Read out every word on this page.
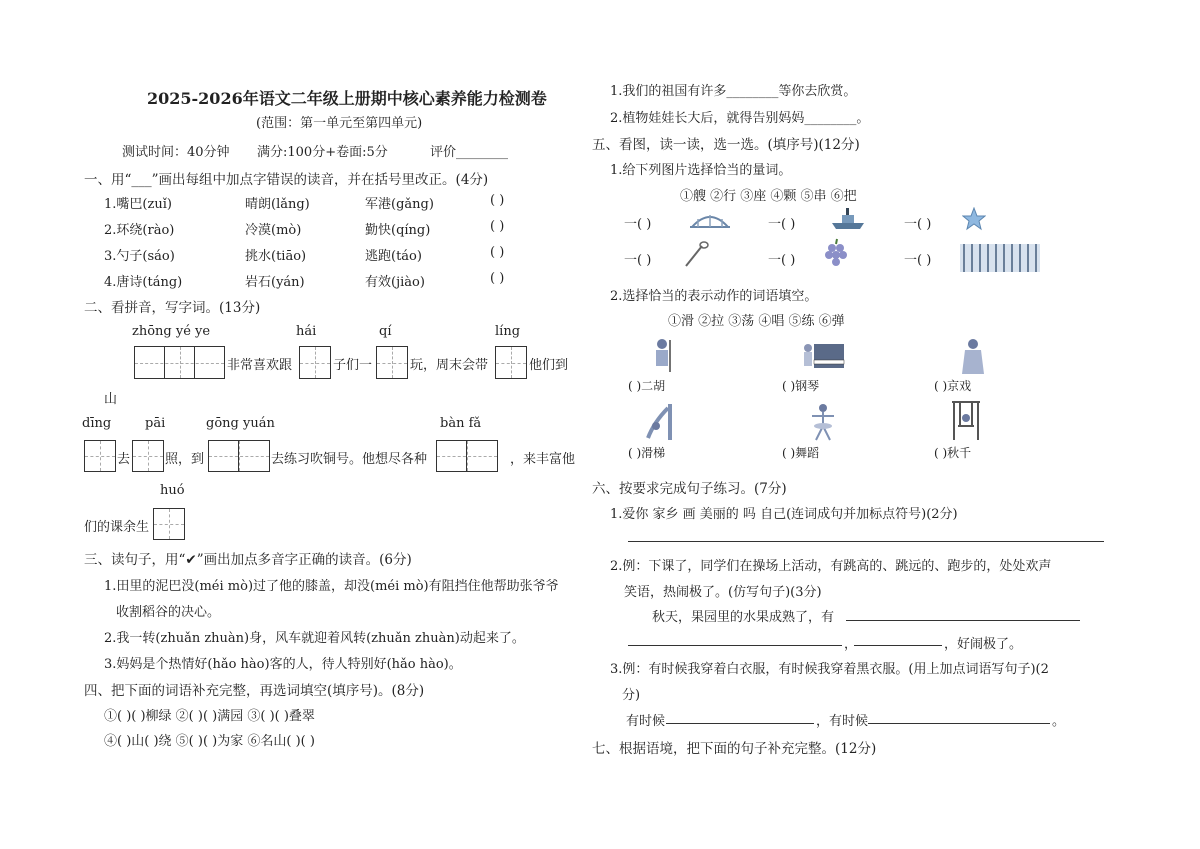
2025-2026年语文二年级上册期中核心素养能力检测卷
(范围：第一单元至第四单元)
测试时间：40分钟 满分:100分+卷面:5分	评价________
一、用“___”画出每组中加点字错误的读音，并在括号里改正。(4分)
1.嘴巴(zuǐ)	晴朗(lǎng)	军港(gǎng)	( )
2.环绕(rào)	冷漠(mò)	勤快(qíng)	( )
3.勺子(sáo)	挑水(tiāo)	逃跑(táo)	( )
4.唐诗(táng)	岩石(yán)	有效(jiào)	( )
二、看拼音，写字词。(13分)
zhōng yé ye	hái	qí	líng
非常喜欢跟	子们一	玩，周末会带	他们到
山
dīng	pāi	gōng yuán	bàn fǎ
去	照，到	去练习吹铜号。他想尽各种	，来丰富他
huó
们的课余生
三、读句子，用“✔”画出加点多音字正确的读音。(6分)
1.田里的泥巴没(méi mò)过了他的膝盖，却没(méi mò)有阻挡住他帮助张爷爷
收割稻谷的决心。
2.我一转(zhuǎn zhuàn)身，风车就迎着风转(zhuǎn zhuàn)动起来了。
3.妈妈是个热情好(hǎo hào)客的人，待人特别好(hǎo hào)。
四、把下面的词语补充完整，再选词填空(填序号)。(8分)
①( )( )柳绿 ②( )( )满园 ③( )( )叠翠
④( )山( )绕 ⑤( )( )为家 ⑥名山( )( )
1.我们的祖国有许多________等你去欣赏。
2.植物娃娃长大后，就得告别妈妈________。
五、看图，读一读，选一选。(填序号)(12分)
1.给下列图片选择恰当的量词。
①艘 ②行 ③座 ④颗 ⑤串 ⑥把
一( )	一( )	一( )
一( )	一( )	一( )
2.选择恰当的表示动作的词语填空。
①滑 ②拉 ③荡 ④唱 ⑤练 ⑥弹
( )二胡	( )钢琴	( )京戏
( )滑梯	( )舞蹈	( )秋千
六、按要求完成句子练习。(7分)
1.爱你 家乡 画 美丽的 吗 自己(连词成句并加标点符号)(2分)
2.例：下课了，同学们在操场上活动，有跳高的、跳远的、跑步的，处处欢声
笑语，热闹极了。(仿写句子)(3分)
秋天，果园里的水果成熟了，有
，	，好闹极了。
3.例：有时候我穿着白衣服，有时候我穿着黑衣服。(用上加点词语写句子)(2
分)
有时候	，有时候	。
七、根据语境，把下面的句子补充完整。(12分)
